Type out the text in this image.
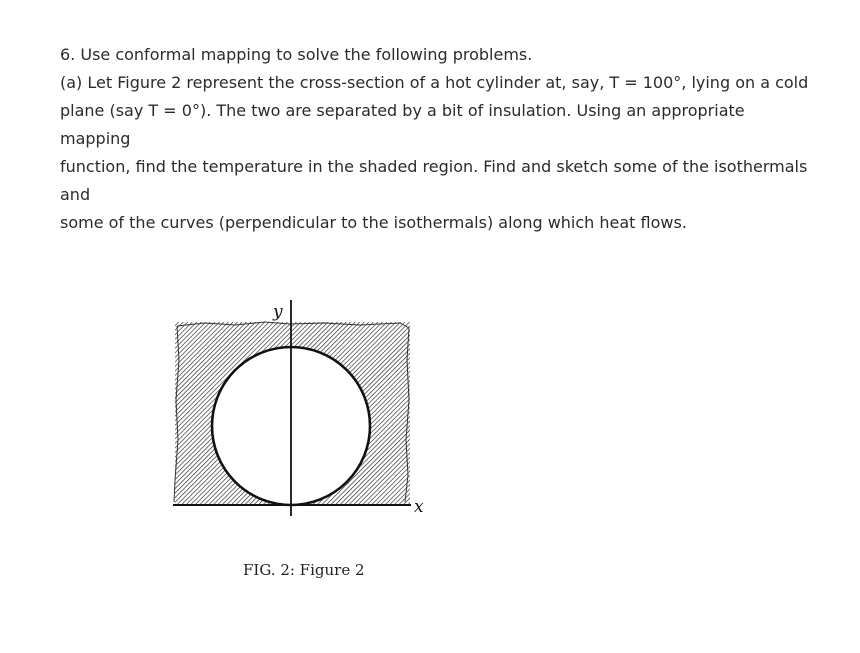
6. Use conformal mapping to solve the following problems.

(a) Let Figure 2 represent the cross-section of a hot cylinder at, say, T = 100°, lying on a cold

plane (say T = 0°). The two are separated by a bit of insulation. Using an appropriate mapping

function, find the temperature in the shaded region. Find and sketch some of the isothermals and

some of the curves (perpendicular to the isothermals) along which heat flows.

y
x
FIG. 2: Figure 2
